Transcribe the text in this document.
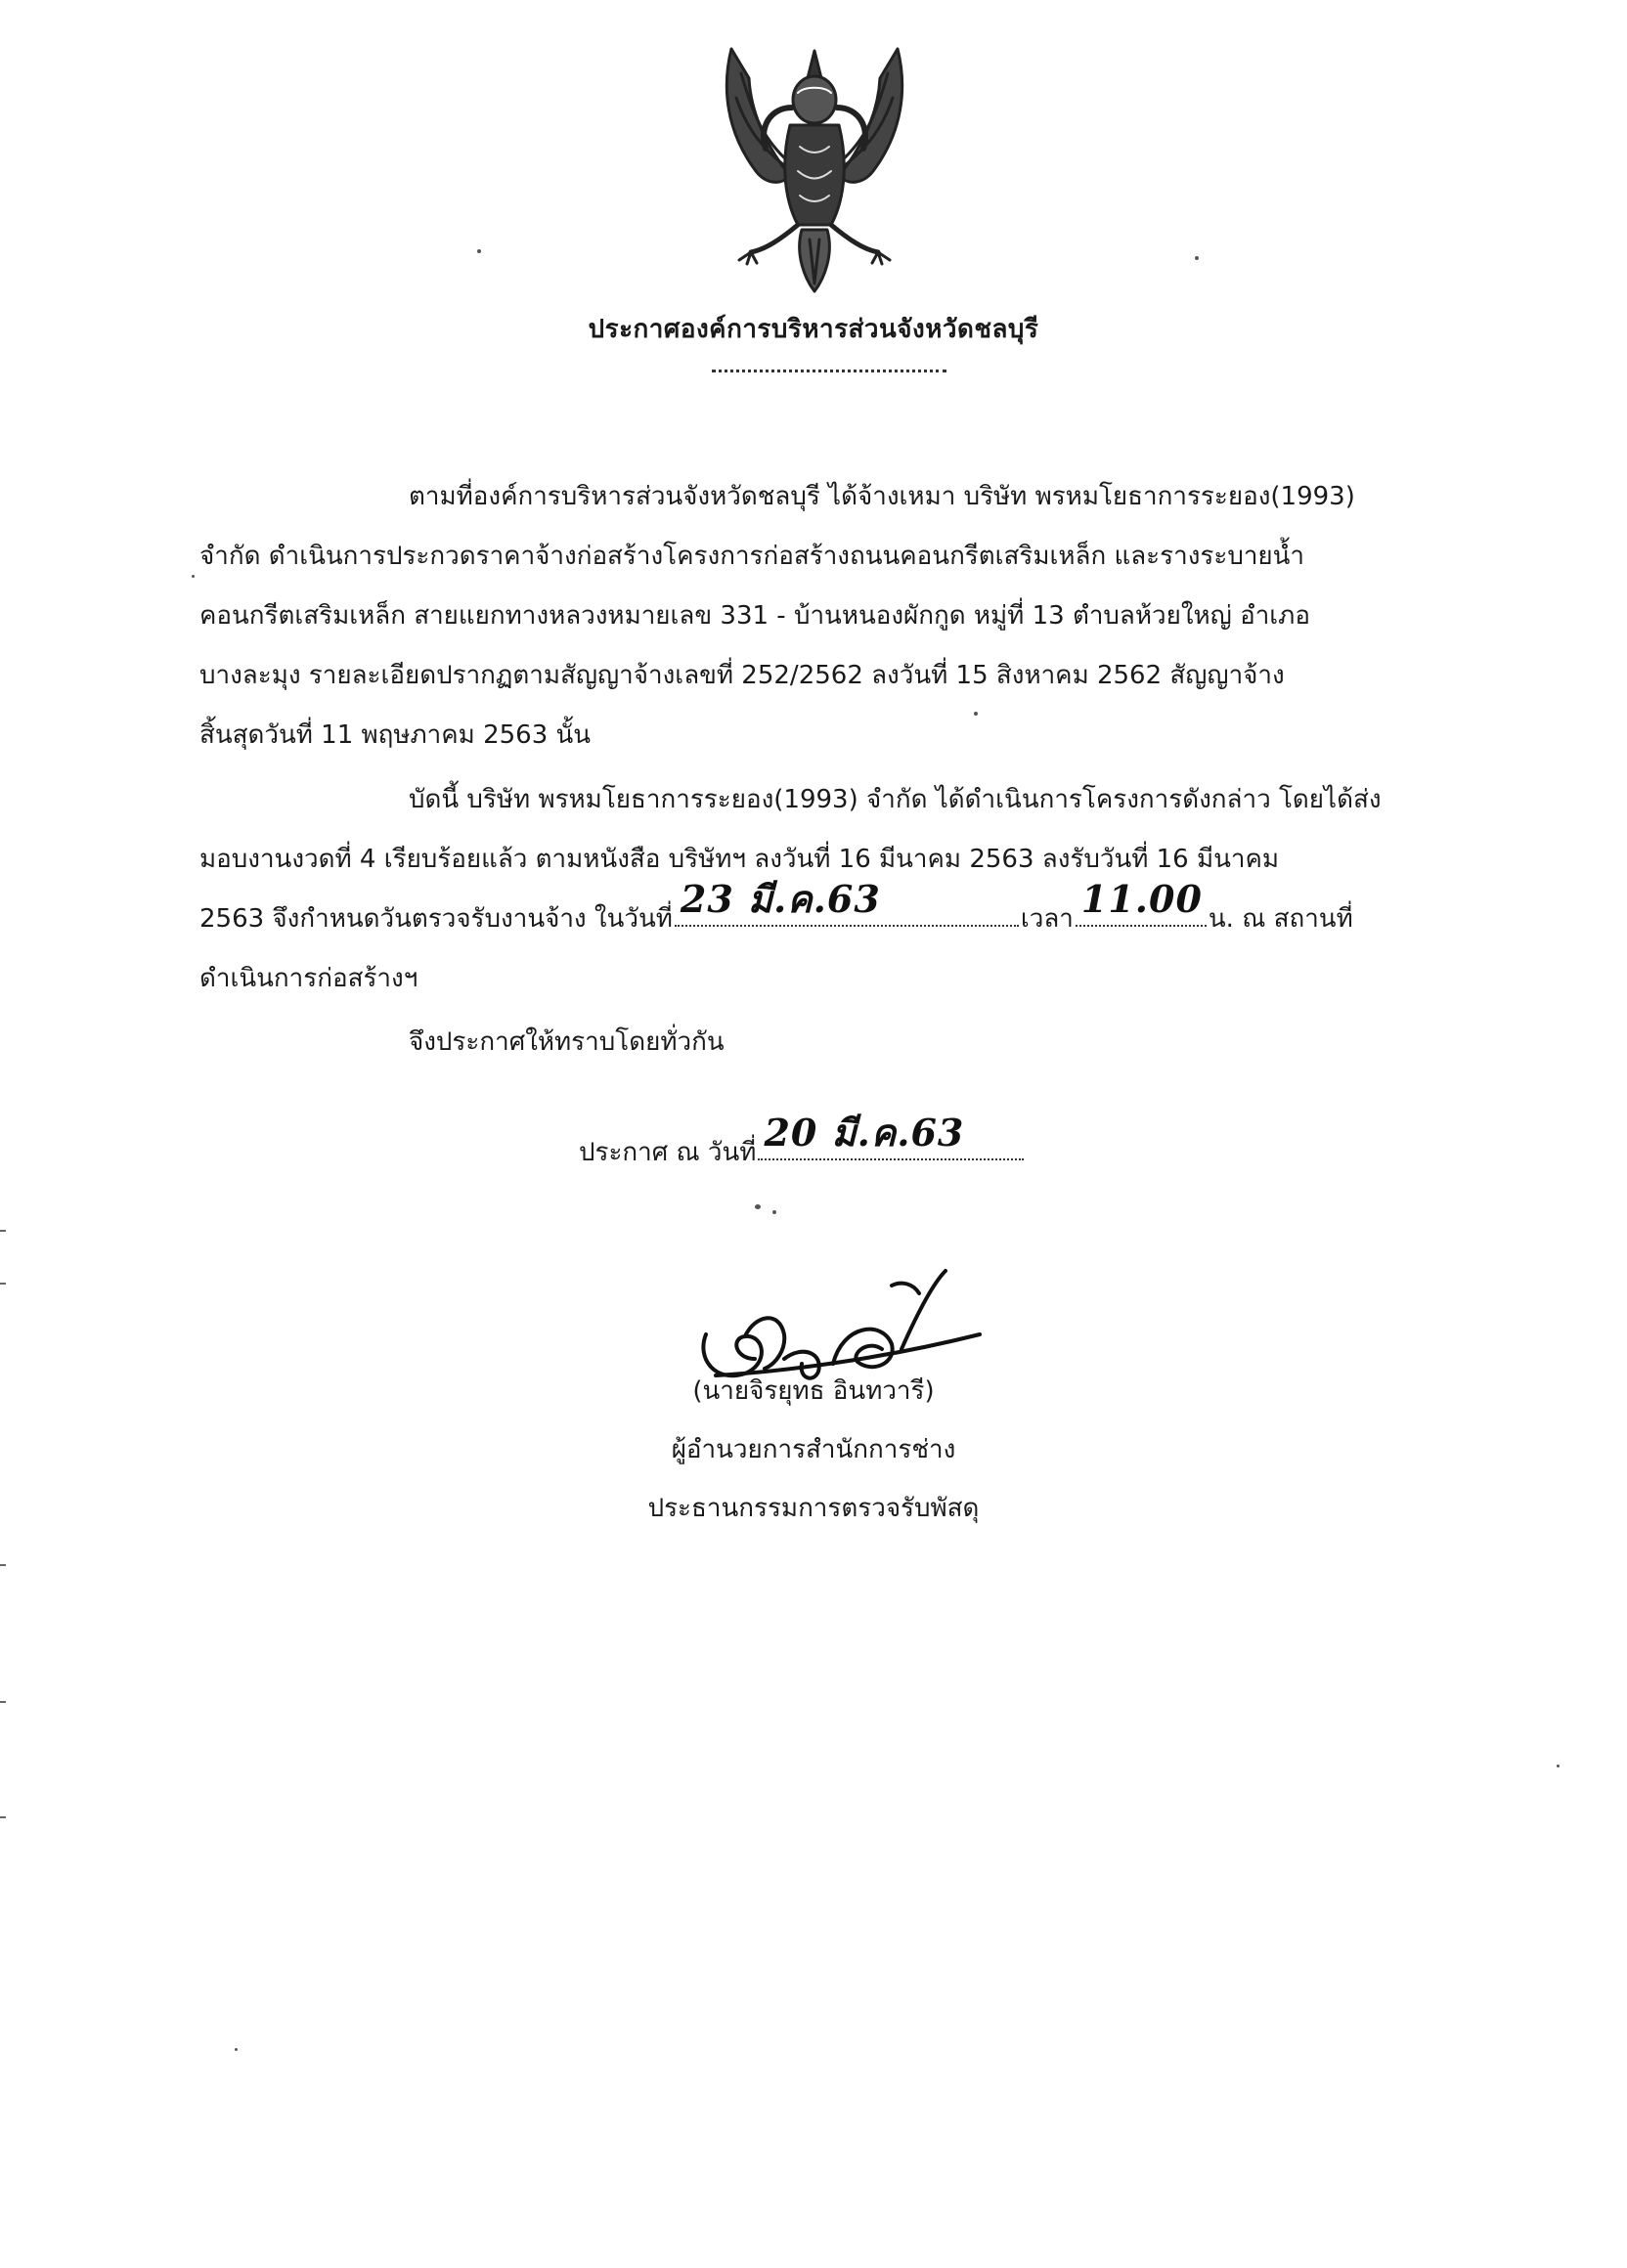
ประกาศองค์การบริหารส่วนจังหวัดชลบุรี
ตามที่องค์การบริหารส่วนจังหวัดชลบุรี ได้จ้างเหมา บริษัท พรหมโยธาการระยอง(1993)
จำกัด ดำเนินการประกวดราคาจ้างก่อสร้างโครงการก่อสร้างถนนคอนกรีตเสริมเหล็ก และรางระบายน้ำ
คอนกรีตเสริมเหล็ก สายแยกทางหลวงหมายเลข 331 - บ้านหนองผักกูด หมู่ที่ 13 ตำบลห้วยใหญ่ อำเภอ
บางละมุง รายละเอียดปรากฏตามสัญญาจ้างเลขที่ 252/2562 ลงวันที่ 15 สิงหาคม 2562 สัญญาจ้าง
สิ้นสุดวันที่ 11 พฤษภาคม 2563 นั้น
บัดนี้ บริษัท พรหมโยธาการระยอง(1993) จำกัด ได้ดำเนินการโครงการดังกล่าว โดยได้ส่ง
มอบงานงวดที่ 4 เรียบร้อยแล้ว ตามหนังสือ บริษัทฯ ลงวันที่ 16 มีนาคม 2563 ลงรับวันที่ 16 มีนาคม
2563 จึงกำหนดวันตรวจรับงานจ้าง ในวันที่ 23 มี.ค.63	เวลา 11.00 น. ณ สถานที่
ดำเนินการก่อสร้างฯ
จึงประกาศให้ทราบโดยทั่วกัน
ประกาศ ณ วันที่ 20 มี.ค.63
(นายจิรยุทธ อินทวารี)
ผู้อำนวยการสำนักการช่าง
ประธานกรรมการตรวจรับพัสดุ
